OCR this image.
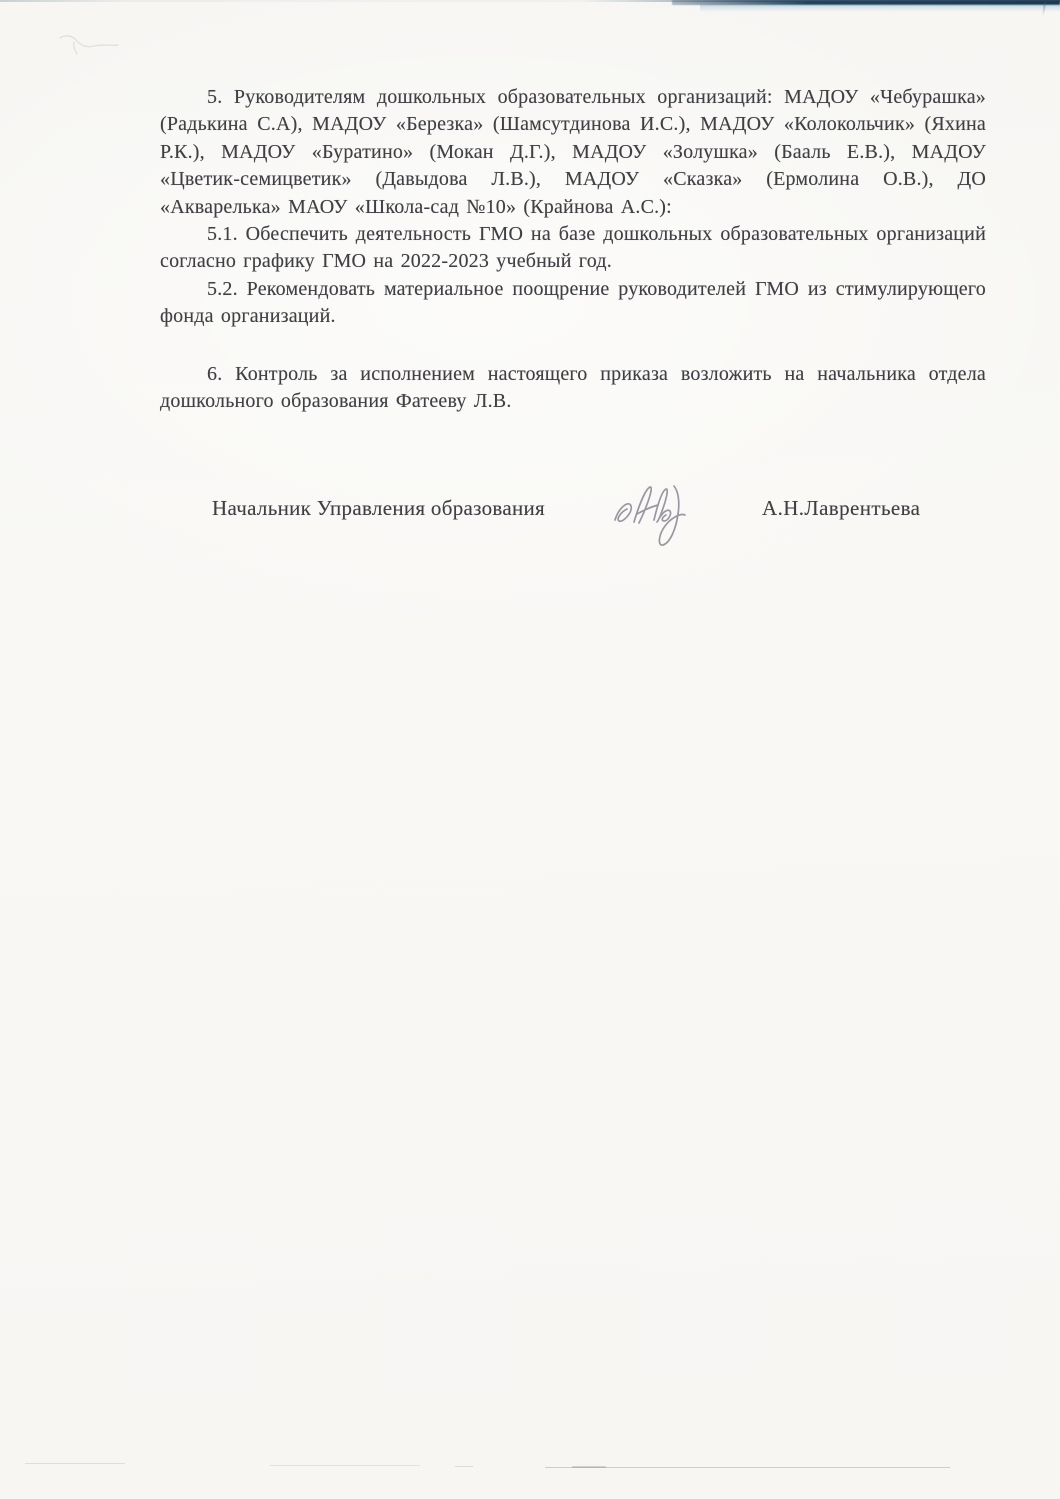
5. Руководителям дошкольных образовательных организаций: МАДОУ «Чебурашка» (Радькина С.А), МАДОУ «Березка» (Шамсутдинова И.С.), МАДОУ «Колокольчик» (Яхина Р.К.), МАДОУ «Буратино» (Мокан Д.Г.), МАДОУ «Золушка» (Бааль Е.В.), МАДОУ «Цветик-семицветик» (Давыдова Л.В.), МАДОУ «Сказка» (Ермолина О.В.), ДО «Акварелька» МАОУ «Школа-сад №10» (Крайнова А.С.):

5.1. Обеспечить деятельность ГМО на базе дошкольных образовательных организаций согласно графику ГМО на 2022-2023 учебный год.

5.2. Рекомендовать материальное поощрение руководителей ГМО из стимулирующего фонда организаций.

6. Контроль за исполнением настоящего приказа возложить на начальника отдела дошкольного образования Фатееву Л.В.

Начальник Управления образования	А.Н.Лаврентьева
